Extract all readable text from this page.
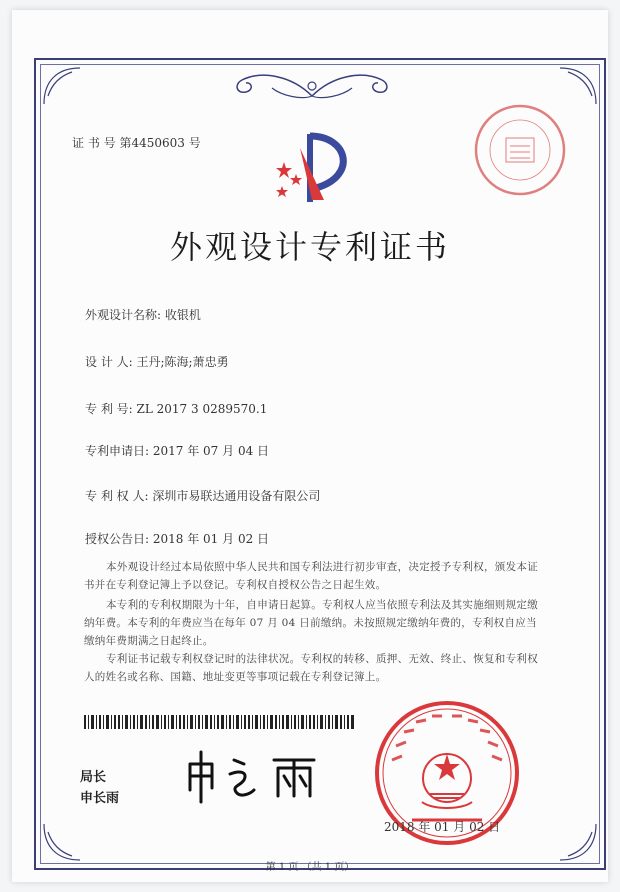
证 书 号 第4450603 号
外观设计专利证书
外观设计名称: 收银机
设 计 人: 王丹;陈海;萧忠勇
专 利 号: ZL 2017 3 0289570.1
专利申请日: 2017 年 07 月 04 日
专 利 权 人: 深圳市易联达通用设备有限公司
授权公告日: 2018 年 01 月 02 日
本外观设计经过本局依照中华人民共和国专利法进行初步审查，决定授予专利权，颁发本证书并在专利登记簿上予以登记。专利权自授权公告之日起生效。
本专利的专利权期限为十年，自申请日起算。专利权人应当依照专利法及其实施细则规定缴纳年费。本专利的年费应当在每年 07 月 04 日前缴纳。未按照规定缴纳年费的，专利权自应当缴纳年费期满之日起终止。
专利证书记载专利权登记时的法律状况。专利权的转移、质押、无效、终止、恢复和专利权人的姓名或名称、国籍、地址变更等事项记载在专利登记簿上。
局长
申长雨
2018 年 01 月 02 日
第 1 页 （共 1 页）
